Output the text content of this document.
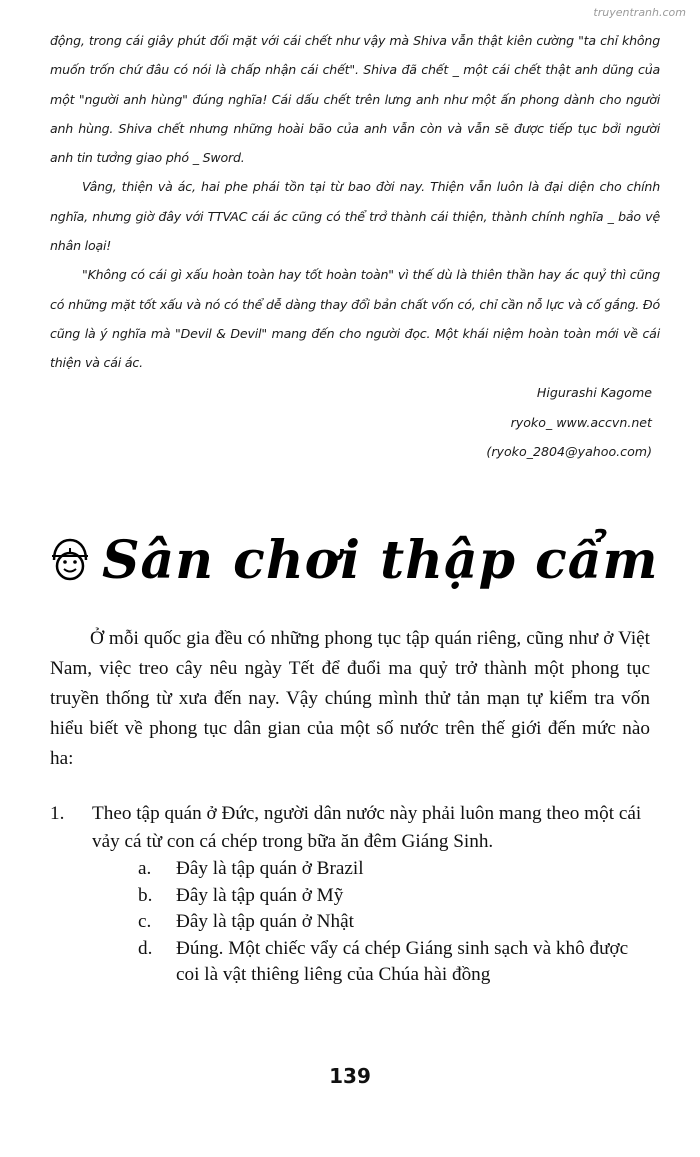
truyentranh.com

động, trong cái giây phút đối mặt với cái chết như vậy mà Shiva vẫn thật kiên cường "ta chỉ không muốn trốn chứ đâu có nói là chấp nhận cái chết". Shiva đã chết _ một cái chết thật anh dũng của một "người anh hùng" đúng nghĩa! Cái dấu chết trên lưng anh như một ấn phong dành cho người anh hùng. Shiva chết nhưng những hoài bão của anh vẫn còn và vẫn sẽ được tiếp tục bởi người anh tin tưởng giao phó _ Sword.

Vâng, thiện và ác, hai phe phái tồn tại từ bao đời nay. Thiện vẫn luôn là đại diện cho chính nghĩa, nhưng giờ đây với TTVAC cái ác cũng có thể trở thành cái thiện, thành chính nghĩa _ bảo vệ nhân loại!

"Không có cái gì xấu hoàn toàn hay tốt hoàn toàn" vì thế dù là thiên thần hay ác quỷ thì cũng có những mặt tốt xấu và nó có thể dễ dàng thay đổi bản chất vốn có, chỉ cần nỗ lực và cố gắng. Đó cũng là ý nghĩa mà "Devil & Devil" mang đến cho người đọc. Một khái niệm hoàn toàn mới về cái thiện và cái ác.

Higurashi Kagome
ryoko_ www.accvn.net
(ryoko_2804@yahoo.com)
Sân chơi thập cẩm

Ở mỗi quốc gia đều có những phong tục tập quán riêng, cũng như ở Việt Nam, việc treo cây nêu ngày Tết để đuổi ma quỷ trở thành một phong tục truyền thống từ xưa đến nay. Vậy chúng mình thử tản mạn tự kiểm tra vốn hiểu biết về phong tục dân gian của một số nước trên thế giới đến mức nào ha:

1.	Theo tập quán ở Đức, người dân nước này phải luôn mang theo một cái vảy cá từ con cá chép trong bữa ăn đêm Giáng Sinh.
a.	Đây là tập quán ở Brazil
b.	Đây là tập quán ở Mỹ
c.	Đây là tập quán ở Nhật
d.	Đúng. Một chiếc vẩy cá chép Giáng sinh sạch và khô được coi là vật thiêng liêng của Chúa hài đồng
139
